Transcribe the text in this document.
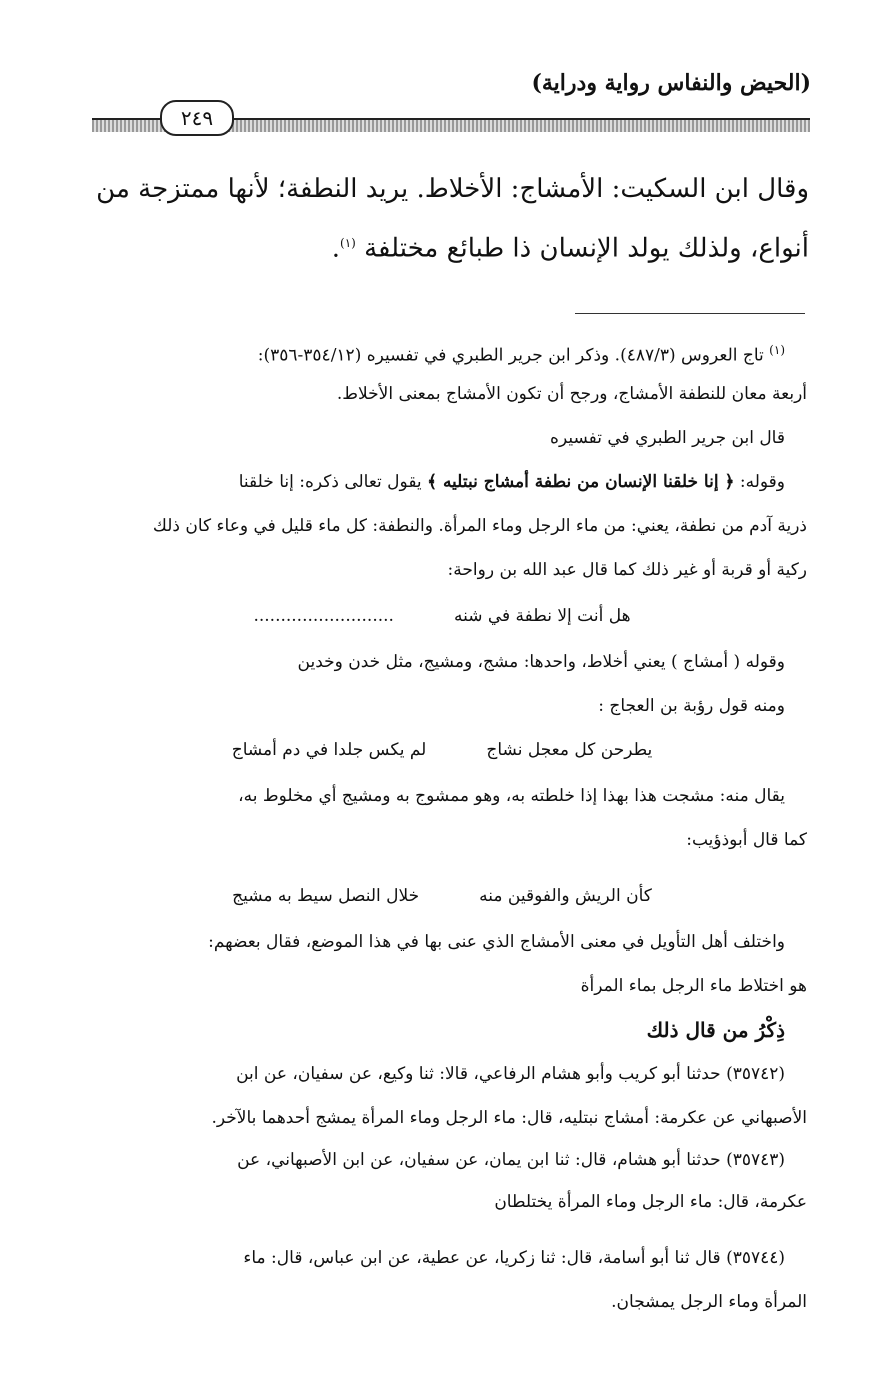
(الحيض والنفاس رواية ودراية)
٢٤٩
وقال ابن السكيت: الأمشاج: الأخلاط. يريد النطفة؛ لأنها ممتزجة من
أنواع، ولذلك يولد الإنسان ذا طبائع مختلفة $^{(١)}$.
$^{(١)}$ تاج العروس (٤٨٧/٣). وذكر ابن جرير الطبري في تفسيره (٣٥٤/١٢-٣٥٦):
أربعة معان للنطفة الأمشاج، ورجح أن تكون الأمشاج بمعنى الأخلاط.
قال ابن جرير الطبري في تفسيره
وقوله: ﴿ إنا خلقنا الإنسان من نطفة أمشاج نبتليه ﴾ يقول تعالى ذكره: إنا خلقنا
ذرية آدم من نطفة، يعني: من ماء الرجل وماء المرأة. والنطفة: كل ماء قليل في وعاء كان ذلك
ركية أو قربة أو غير ذلك كما قال عبد الله بن رواحة:
هل أنت إلا نطفة في شنه
..........................
وقوله ( أمشاج ) يعني أخلاط، واحدها: مشج، ومشيج، مثل خدن وخدين
ومنه قول رؤبة بن العجاج :
يطرحن كل معجل نشاج
لم يكس جلدا في دم أمشاج
يقال منه: مشجت هذا بهذا إذا خلطته به، وهو ممشوج به ومشيج أي مخلوط به،
كما قال أبوذؤيب:
كأن الريش والفوقين منه
خلال النصل سيط به مشيج
واختلف أهل التأويل في معنى الأمشاج الذي عنى بها في هذا الموضع، فقال بعضهم:
هو اختلاط ماء الرجل بماء المرأة
ذِكْرُ من قال ذلك
(٣٥٧٤٢) حدثنا أبو كريب وأبو هشام الرفاعي، قالا: ثنا وكيع، عن سفيان، عن ابن
الأصبهاني عن عكرمة: أمشاج نبتليه، قال: ماء الرجل وماء المرأة يمشج أحدهما بالآخر.
(٣٥٧٤٣) حدثنا أبو هشام، قال: ثنا ابن يمان، عن سفيان، عن ابن الأصبهاني، عن
عكرمة، قال: ماء الرجل وماء المرأة يختلطان
(٣٥٧٤٤) قال ثنا أبو أسامة، قال: ثنا زكريا، عن عطية، عن ابن عباس، قال: ماء
المرأة وماء الرجل يمشجان.
